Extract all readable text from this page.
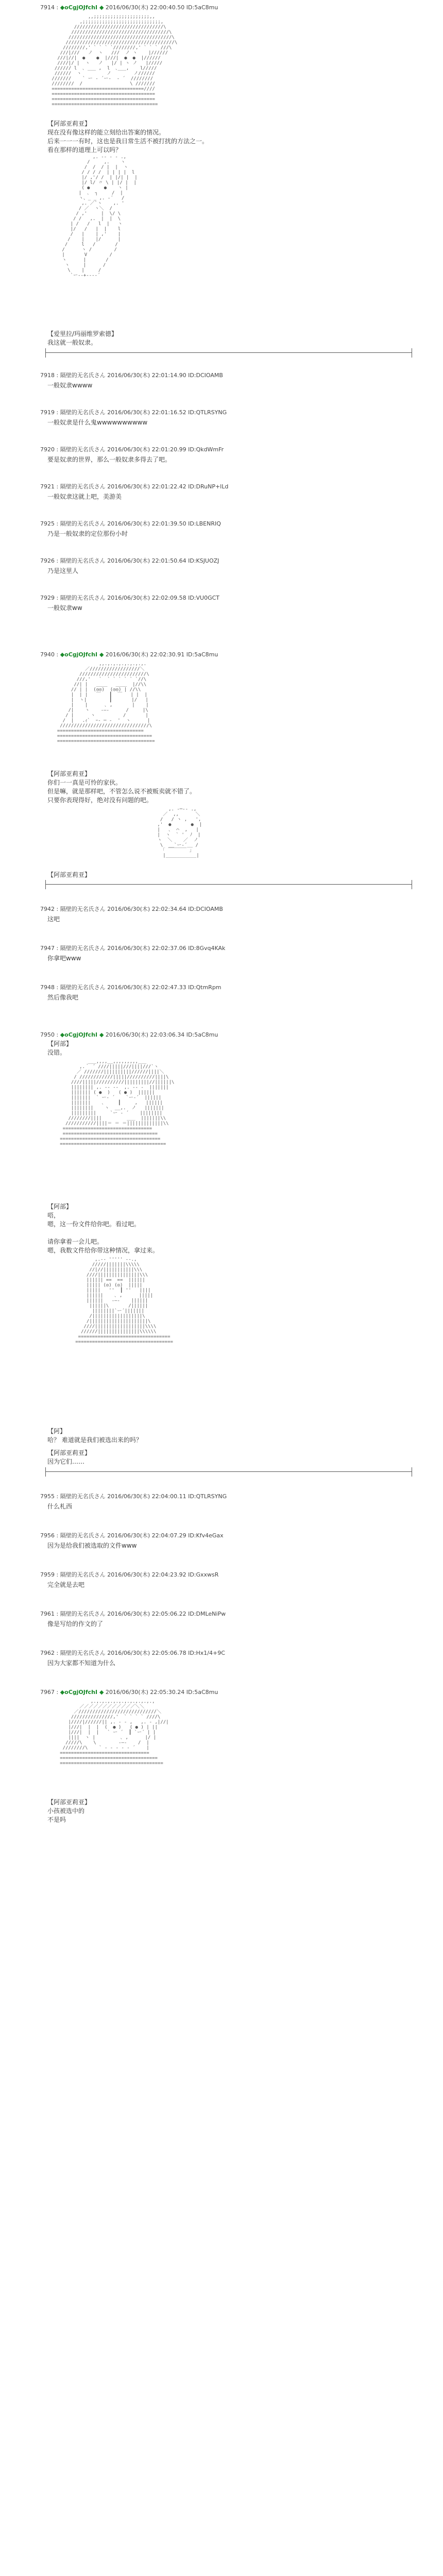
7914 : ◆oCgjOJfchI ◆ 2016/06/30(木) 22:00:40.50 ID:5aC8mu
,,;;;;;;;;;;;;;;;;;;;;,,
,;;;;;;;;;;;;;;;;;;;;;;;;;;;;,
////////////////////////////////\
///////////////////////////////////\
/////////////////////////////////////\
///////////////////////////////////////\
////////,' ` ` ` `////////,' ` ` ` ///\
///|///   ノ  ヽ   ///  ノ ヽ    |//////
///|//|  ●    ●  |///|  ●  ●  |//////
////|/ |  ヽ   ノ   |/ | ヽ ノ   |/////
////// l  ､ ___ ,  l  ､___,    l/////
//////  ヽ         ノ        ノ//////
///////    ` ー ‐ ´ー‐  ‐ ´  ////////
////////  /                 \ ///////
=================================////
=====================================
=====================================
======================================
【阿部亚莉亚】
现在没有像这样的能立刻给出答案的情况。
后来一一一有时，这也是我日常生活不被打扰的方法之一。
看在那样的道理上可以吗？
,. -‐ ‐ - .,
/     ,.    ヽ
/  /  / |  |  ヽ
/ / / /  | | | |  l
|/ ,'/ /  | |/| |  |
|/ l/ 〃 \ | |/ |  |
( ●     ●    ヽ |
|  ､  ┐     /  |
ヽ、_ _ ,. ‐´   /
,. ／`ヽ    ,. '
/ ／  ヽ＼  /
/ ,'     |  \/ \
/ /   ,.  |  |  \
| /   /   l  |   ヽ
|/   /   |  |    l
/   |    | ,'    |
/    |    |/      |
/     l   /       /
/      ヽ /        /
|       V        /
ヽ      |       /
ヽ     |      /
\    |     /
`ー--+---‐´
【爱里拉/玛丽维罗索德】
我这就一般奴隶。
7918 : 隔壁的无名氏さん 2016/06/30(木) 22:01:14.90 ID:DCIOAMB
一般奴隶wwww
7919 : 隔壁的无名氏さん 2016/06/30(木) 22:01:16.52 ID:QTLRSYNG
一般奴隶是什么鬼wwwwwwwwww
7920 : 隔壁的无名氏さん 2016/06/30(木) 22:01:20.99 ID:QkdWmFr
要是奴隶的世界，那么一般奴隶多得去了吧。
7921 : 隔壁的无名氏さん 2016/06/30(木) 22:01:22.42 ID:DRuNP+lLd
一般奴隶这就上吧，美游美
7925 : 隔壁的无名氏さん 2016/06/30(木) 22:01:39.50 ID:LBENRIQ
乃是一般奴隶的定位那份小时
7926 : 隔壁的无名氏さん 2016/06/30(木) 22:01:50.64 ID:KSJUOZJ
乃是这里人
7929 : 隔壁的无名氏さん 2016/06/30(木) 22:02:09.58 ID:VU0GCT
一般奴隶ww
7940 : ◆oCgjOJfchI ◆ 2016/06/30(木) 22:02:30.91 ID:5aC8mu
,,.,.,.,.,.,.,.,.
／//////////////////＼
////////////////////////\
///,'   `  ` ` ` ` ` `//\
//| |   ____   ____  |//\\
// | |  (◎◎)  (◎◎) | //\\
|  | |   ￣   ┃  ￣   | |  |
|  ヽ|        ┃       |/   |
|    |      ､ ,       |    |
/|    ヽ    ‐―‐      /     |\
/ |      ヽ          /       |
/  |   .ｨ`  ｰ- ─ ‐  '  ヽ      |
////////////////////////////////\
===============================
==================================
===================================
【阿部亚莉亚】
你们一一真是可怜的家伙。
但是嘛，就是那样吧，不管怎么说不被贩卖就不错了。
只要你表现得好，绝对没有问题的吧。
,. -─‐- .,
／  ,,      ＼
/   / ヽ ,   ',
,'  ●       ●  |
|   ､  ⌒  ,   |
|  ヽ  ` '  ﾉ  |
ヽ  ＼    ／  ノ
\  __`ー‐´__ /
｢ ￣￣￣￣ ｣
|___________|
【阿部亚莉亚】
7942 : 隔壁的无名氏さん 2016/06/30(木) 22:02:34.64 ID:DCIOAMB
这吧
7947 : 隔壁的无名氏さん 2016/06/30(木) 22:02:37.06 ID:8Gvq4KAk
你拿吧www
7948 : 隔壁的无名氏さん 2016/06/30(木) 22:02:47.33 ID:QtmRpm
然后像我吧
7950 : ◆oCgjOJfchI ◆ 2016/06/30(木) 22:03:06.34 ID:5aC8mu
【阿部】
没错。
___,,,,__,,,,,,,,,___
,.｀ ´ ////|||||///||||///`ヽ
／ ///////||||||||||//////||||＼
/ ////////////|||||//////////||||\
////|||||//////////|||||||||//||||||\
|||||||| ,. -‐ ‐-  ,. -‐ -  |||||||
||||||| ( ●  )   ( ● )  ||||||
|||||||  ` ー‐ ´    `ー‐´  ||||||
|||||||    ､     ┃     ,   ||||||
||||||||    ヽ  __,.  ノ   |||||||
|||||||||     `ー ‐ ´    ||||||||
////////||||         ___  |||||||\\
///////////||||＝ ＝ ＝|||||||||||||\\
================================
==================================
====================================
======================================
【阿部】
唔，
嗯，这一份文件给你吧。看过吧。

请你拿着一会儿吧。
嗯，我数文件给你带这种情况，拿过来。
,.-‐ ''''' ‐-.,
/////|||||||\\\\\
//|//|||||||||||\\\
////|||||||||||||||\\\
|||||| ==  ==  ||||||
||||| (◎) (◎)  |||||
|||||   ''  ┃ ''   ||||
||||||    ､ ,      |||||
||||||   ‐―‐    ||||||
||||||\       /||||||
||||||||`ー´|||||||
/||||||||||||||||||\
/|||||||||||||||||||||\
////||||||||||||||||||\\\\
//////|||||||||||||||\\\\\\
=================================
===================================
【阿】
哈？ 难道就是我们被选出来的吗？
【阿部亚莉亚】
因为它们……
7955 : 隔壁的无名氏さん 2016/06/30(木) 22:04:00.11 ID:QTLRSYNG
什么札西
7956 : 隔壁的无名氏さん 2016/06/30(木) 22:04:07.29 ID:Kfv4eGax
因为是给我们被选取的文件www
7959 : 隔壁的无名氏さん 2016/06/30(木) 22:04:23.92 ID:GxxwsR
完全就是去吧
7961 : 隔壁的无名氏さん 2016/06/30(木) 22:05:06.22 ID:DMLeNiPw
像是写给的作文的了
7962 : 隔壁的无名氏さん 2016/06/30(木) 22:05:06.78 ID:Hx1/4+9C
因为大家都不知道为什么
7967 : ◆oCgjOJfchI ◆ 2016/06/30(木) 22:05:30.24 ID:5aC8mu
,.,.,.,.,.,.,.,.,.,.,.,
／／／／／／／／／／／／＼＼
／////////////////////////////＼
///////////////,'  ` ` ` ` ////\
|////|//////|| ,. ‐ ‐ ,   ,. ‐ ,|//|
|///|  |  |  (  ● )   ( ● ) | ||
|///|  |  |   ` ー ´  ┃ `ー´ | |
||||  ヽ |         ､ ,      |/ |
/////\    \        ‐―‐    /  |
////////\    ` ‐ ‐ ‐ ‐ ‐ ´    |
================================
===================================
=====================================
【阿部亚莉亚】
小孩被选中的
不是吗
